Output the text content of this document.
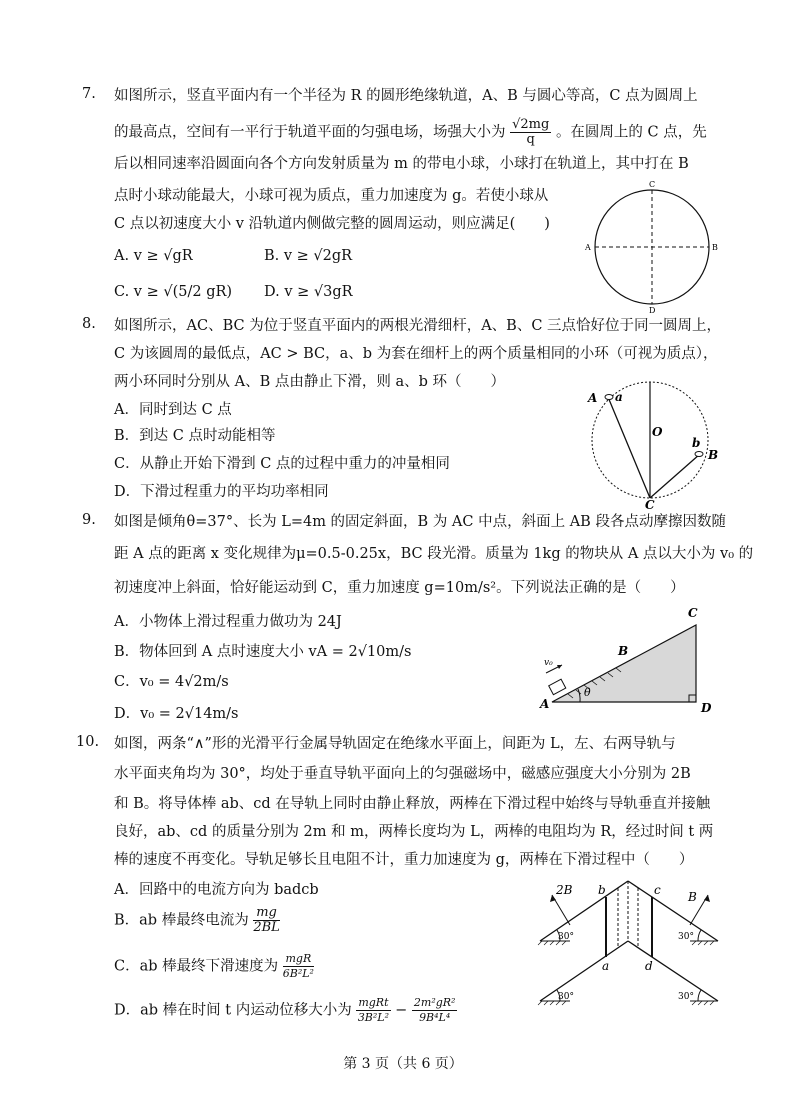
7. 如图所示，竖直平面内有一个半径为 R 的圆形绝缘轨道，A、B 与圆心等高，C 点为圆周上
的最高点，空间有一平行于轨道平面的匀强电场，场强大小为 $\frac{√2mg}{q}$ 。在圆周上的 C 点，先
后以相同速率沿圆面向各个方向发射质量为 m 的带电小球，小球打在轨道上，其中打在 B
点时小球动能最大，小球可视为质点，重力加速度为 g。若使小球从
C 点以初速度大小 v 沿轨道内侧做完整的圆周运动，则应满足(　　)
A. v ≥ √gR	B. v ≥ √2gR
C. v ≥ √(5/2 gR) D. v ≥ √3gR
C
A	B
D
8. 如图所示，AC、BC 为位于竖直平面内的两根光滑细杆，A、B、C 三点恰好位于同一圆周上，
C 为该圆周的最低点，AC > BC，a、b 为套在细杆上的两个质量相同的小环（可视为质点），
两小环同时分别从 A、B 点由静止下滑，则 a、b 环（　　）
A．同时到达 C 点
B．到达 C 点时动能相等
C．从静止开始下滑到 C 点的过程中重力的冲量相同
D．下滑过程重力的平均功率相同
A a
O
b
B
C
9. 如图是倾角θ=37°、长为 L=4m 的固定斜面，B 为 AC 中点，斜面上 AB 段各点动摩擦因数随
距 A 点的距离 x 变化规律为μ=0.5-0.25x，BC 段光滑。质量为 1kg 的物块从 A 点以大小为 v₀ 的
初速度冲上斜面，恰好能运动到 C，重力加速度 g=10m/s²。下列说法正确的是（　　）
A．小物体上滑过程重力做功为 24J
B．物体回到 A 点时速度大小 vA = 2√10m/s
C．v₀ = 4√2m/s
D．v₀ = 2√14m/s
C
B
v₀
θ
A	D
10. 如图，两条“∧”形的光滑平行金属导轨固定在绝缘水平面上，间距为 L，左、右两导轨与
水平面夹角均为 30°，均处于垂直导轨平面向上的匀强磁场中，磁感应强度大小分别为 2B
和 B。将导体棒 ab、cd 在导轨上同时由静止释放，两棒在下滑过程中始终与导轨垂直并接触
良好，ab、cd 的质量分别为 2m 和 m，两棒长度均为 L，两棒的电阻均为 R，经过时间 t 两
棒的速度不再变化。导轨足够长且电阻不计，重力加速度为 g，两棒在下滑过程中（　　）
A．回路中的电流方向为 badcb
B．ab 棒最终电流为 $\frac{mg}{2BL}$
C．ab 棒最终下滑速度为 $\frac{\text{mgR}}{\text{6B²L²}}$
D．ab 棒在时间 t 内运动位移大小为 $\frac{\text{mgRt}}{\text{3B²L²}} - \frac{\text{2m²gR²}}{\text{9B⁴L⁴}}$
2B b	c B
a	d
30°	30°
30°	30°
第 3 页（共 6 页）
